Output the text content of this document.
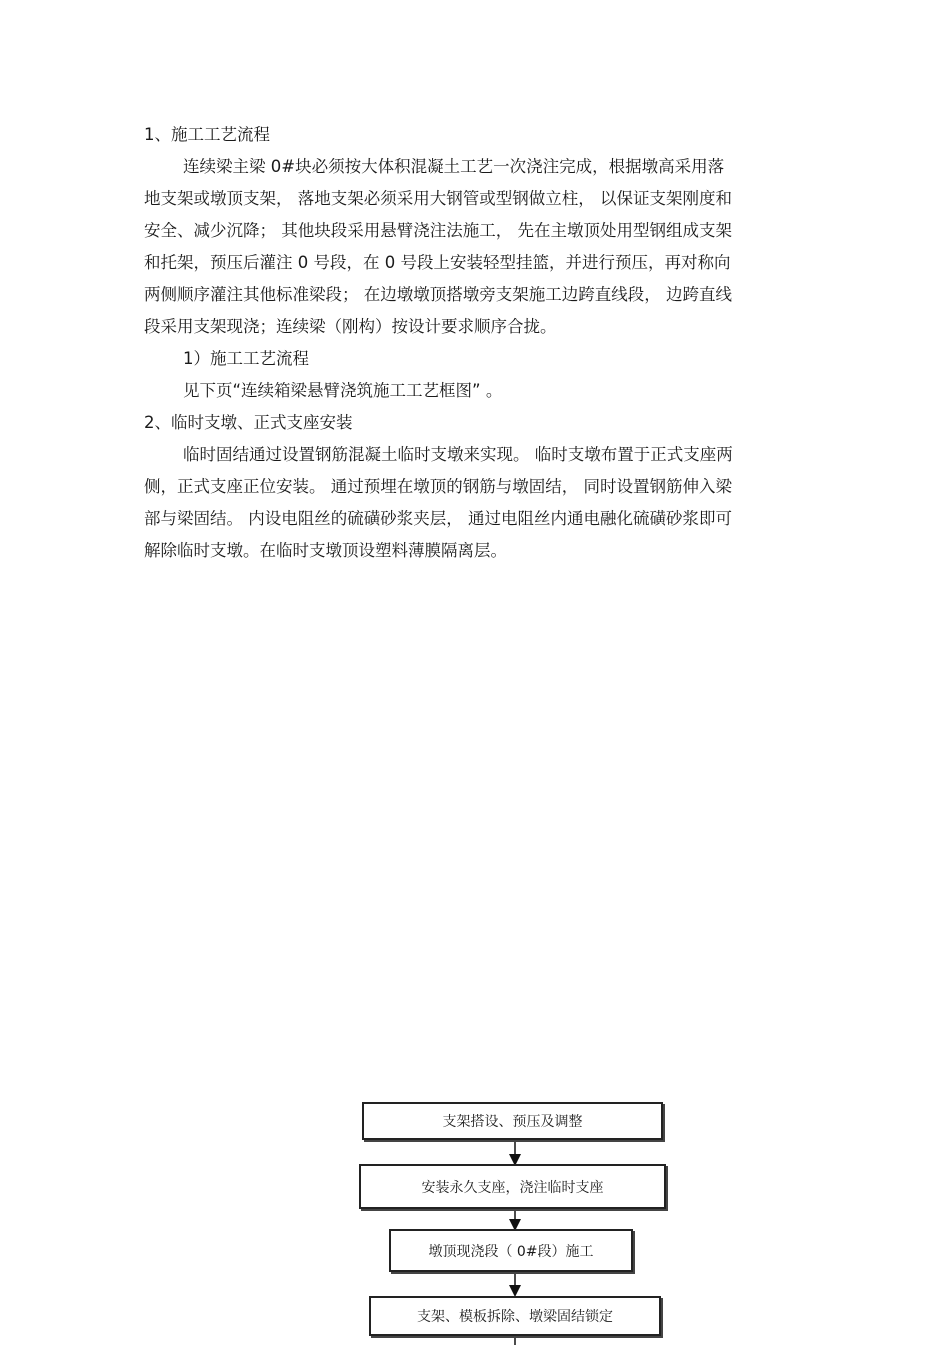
1、施工工艺流程
连续梁主梁 0#块必须按大体积混凝土工艺一次浇注完成，根据墩高采用落
地支架或墩顶支架， 落地支架必须采用大钢管或型钢做立柱， 以保证支架刚度和
安全、减少沉降； 其他块段采用悬臂浇注法施工， 先在主墩顶处用型钢组成支架
和托架，预压后灌注 0 号段，在 0 号段上安装轻型挂篮，并进行预压，再对称向
两侧顺序灌注其他标准梁段； 在边墩墩顶搭墩旁支架施工边跨直线段， 边跨直线
段采用支架现浇；连续梁（刚构）按设计要求顺序合拢。
1）施工工艺流程
见下页“连续箱梁悬臂浇筑施工工艺框图” 。
2、临时支墩、正式支座安装
临时固结通过设置钢筋混凝土临时支墩来实现。 临时支墩布置于正式支座两
侧，正式支座正位安装。 通过预埋在墩顶的钢筋与墩固结， 同时设置钢筋伸入梁
部与梁固结。 内设电阻丝的硫磺砂浆夹层， 通过电阻丝内通电融化硫磺砂浆即可
解除临时支墩。在临时支墩顶设塑料薄膜隔离层。
支架搭设、预压及调整
安装永久支座，浇注临时支座
墩顶现浇段（ 0#段）施工
支架、模板拆除、墩梁固结锁定
